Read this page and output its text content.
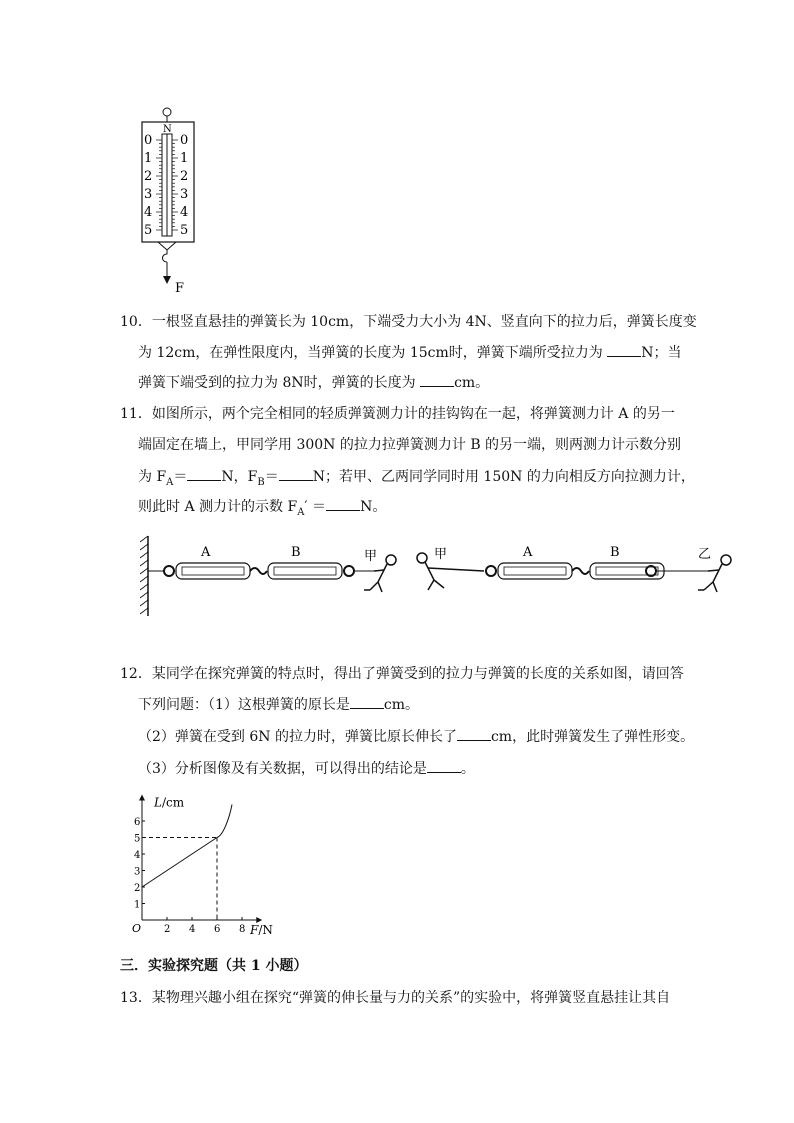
N
0
1
2
3
4
5
0
1
2
3
4
5
F
10．一根竖直悬挂的弹簧长为 10cm，下端受力大小为 4N、竖直向下的拉力后，弹簧长度变
为 12cm，在弹性限度内，当弹簧的长度为 15cm时，弹簧下端所受拉力为 N；当
弹簧下端受到的拉力为 8N时，弹簧的长度为 cm。
11．如图所示，两个完全相同的轻质弹簧测力计的挂钩钩在一起，将弹簧测力计 A 的另一
端固定在墙上，甲同学用 300N 的拉力拉弹簧测力计 B 的另一端，则两测力计示数分别
为 $F_A= N$，$F_B= N$；若甲、乙两同学同时用 150N 的力向相反方向拉测力计，
则此时 A 测力计的示数 $F_A' = N$。
A	B	甲	甲	A	B	乙
12．某同学在探究弹簧的特点时，得出了弹簧受到的拉力与弹簧的长度的关系如图，请回答
下列问题：（1）这根弹簧的原长是 cm。
（2）弹簧在受到 6N 的拉力时，弹簧比原长伸长了 cm，此时弹簧发生了弹性形变。
（3）分析图像及有关数据，可以得出的结论是 。
2 4 6 8
1
2
3
4
5
6
L/cm
F/N
O
三．实验探究题（共 1 小题）
13．某物理兴趣小组在探究“弹簧的伸长量与力的关系”的实验中，将弹簧竖直悬挂让其自
